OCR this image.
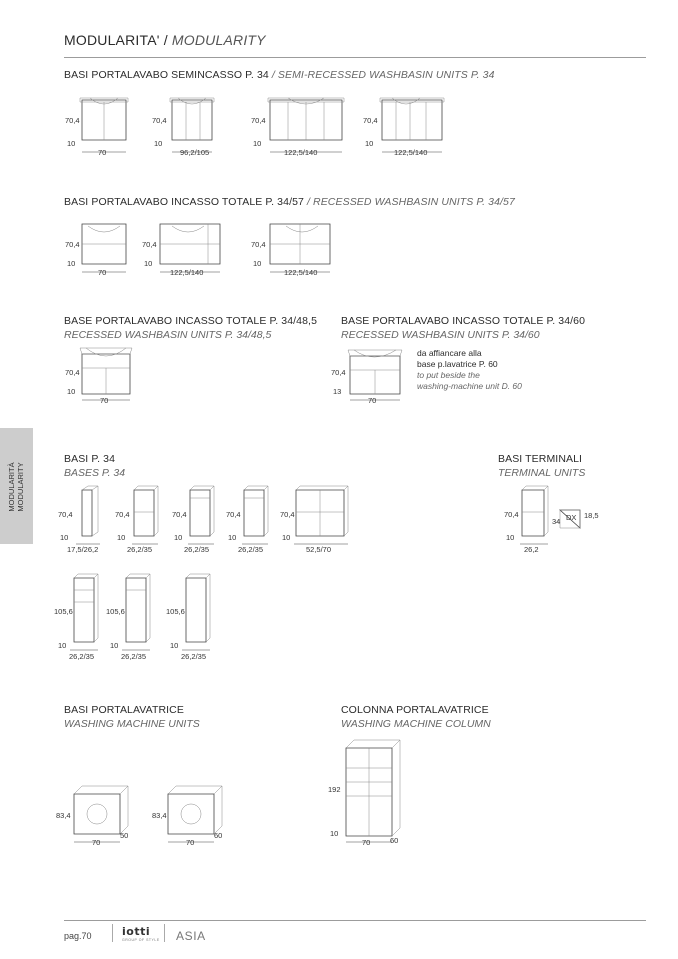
MODULARITA' / MODULARITY
MODULARITÀ MODULARITY
BASI PORTALAVABO SEMINCASSO P. 34 / SEMI-RECESSED WASHBASIN UNITS P. 34
70,4
10
70
70,4
10
96,2/105
70,4
10
122,5/140
70,4
10
122,5/140
BASI PORTALAVABO INCASSO TOTALE P. 34/57 / RECESSED WASHBASIN UNITS P. 34/57
70,4
10
70
70,4
10
122,5/140
70,4
10
122,5/140
BASE PORTALAVABO INCASSO TOTALE P. 34/48,5
RECESSED WASHBASIN UNITS P. 34/48,5
70,4
10
70
BASE PORTALAVABO INCASSO TOTALE P. 34/60
RECESSED WASHBASIN UNITS P. 34/60
70,4
13
70
da affiancare alla
base p.lavatrice P. 60
to put beside the
washing-machine unit D. 60
BASI P. 34
BASES P. 34
70,4
10
17,5/26,2
70,4
10
26,2/35
70,4
10
26,2/35
70,4
10
26,2/35
70,4
10
52,5/70
105,6
10
26,2/35
105,6
10
26,2/35
105,6
10
26,2/35
BASI TERMINALI
TERMINAL UNITS
70,4
10
26,2
34 DX 18,5
BASI PORTALAVATRICE
WASHING MACHINE UNITS
83,4
70
50
83,4
70
60
COLONNA PORTALAVATRICE
WASHING MACHINE COLUMN
192
10
70	60
pag.70	iotti
GROUP OF STYLE ASIA
